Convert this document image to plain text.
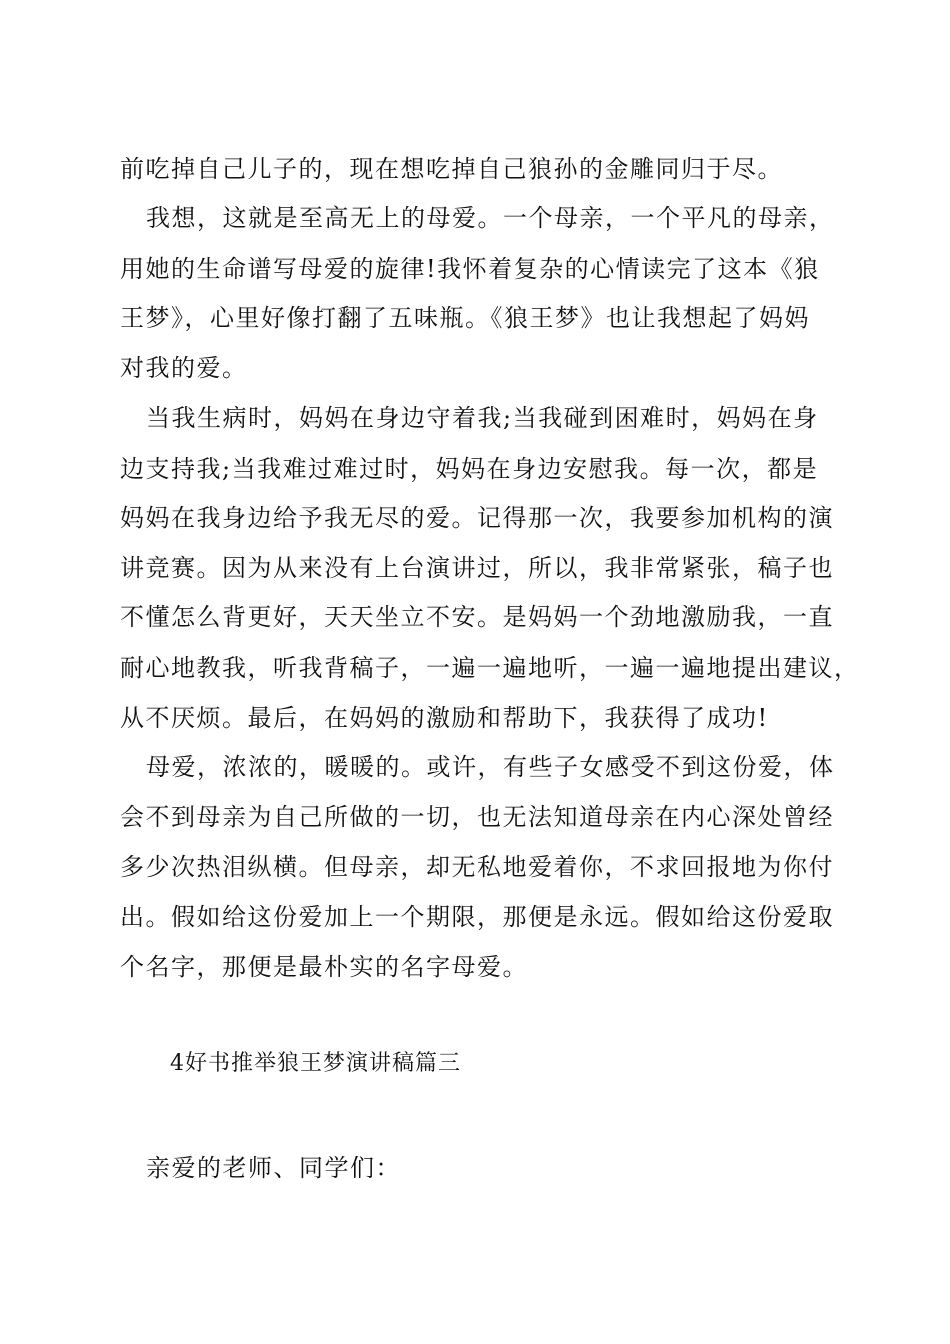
前吃掉自己儿子的，现在想吃掉自己狼孙的金雕同归于尽。
我想，这就是至高无上的母爱。一个母亲，一个平凡的母亲，
用她的生命谱写母爱的旋律!我怀着复杂的心情读完了这本《狼
王梦》，心里好像打翻了五味瓶。《狼王梦》也让我想起了妈妈
对我的爱。
当我生病时，妈妈在身边守着我;当我碰到困难时，妈妈在身
边支持我;当我难过难过时，妈妈在身边安慰我。每一次，都是
妈妈在我身边给予我无尽的爱。记得那一次，我要参加机构的演
讲竞赛。因为从来没有上台演讲过，所以，我非常紧张，稿子也
不懂怎么背更好，天天坐立不安。是妈妈一个劲地激励我，一直
耐心地教我，听我背稿子，一遍一遍地听，一遍一遍地提出建议，
从不厌烦。最后，在妈妈的激励和帮助下，我获得了成功!
母爱，浓浓的，暖暖的。或许，有些子女感受不到这份爱，体
会不到母亲为自己所做的一切，也无法知道母亲在内心深处曾经
多少次热泪纵横。但母亲，却无私地爱着你，不求回报地为你付
出。假如给这份爱加上一个期限，那便是永远。假如给这份爱取
个名字，那便是最朴实的名字母爱。
4好书推举狼王梦演讲稿篇三
亲爱的老师、同学们：
